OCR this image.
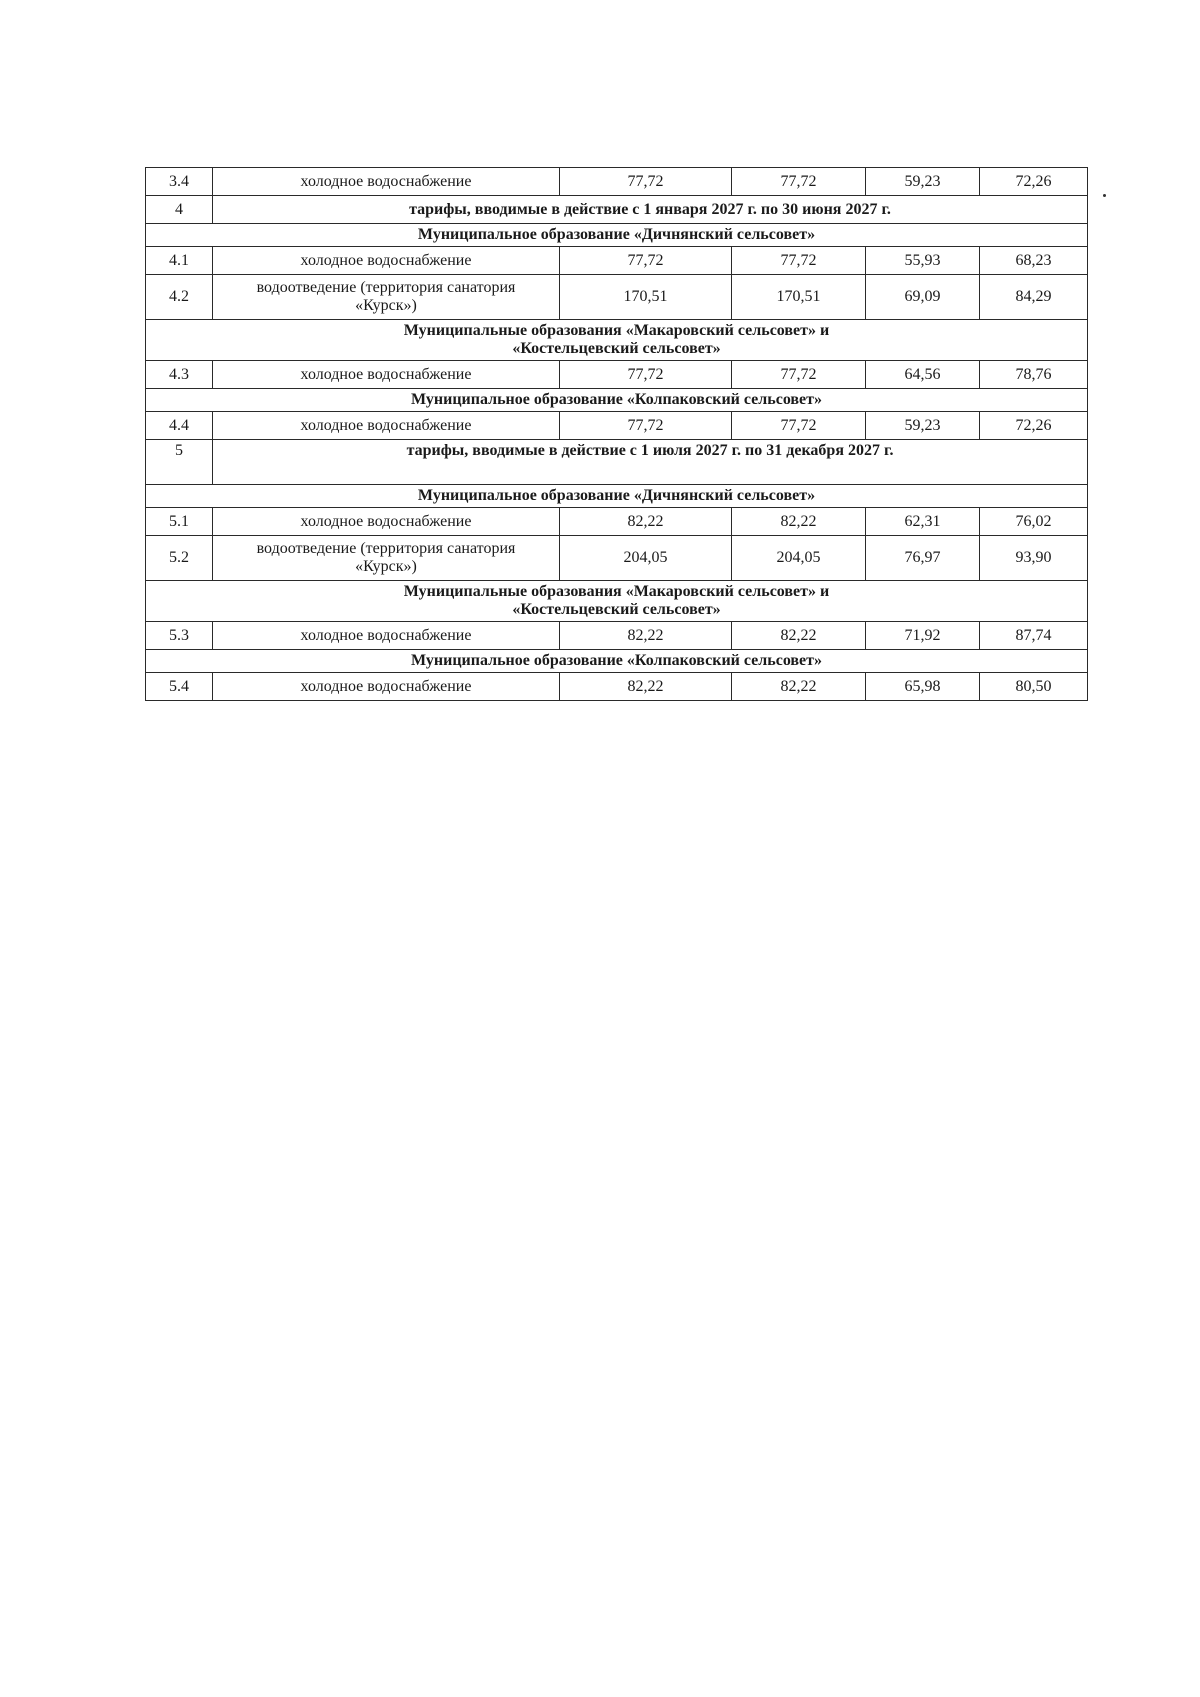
3.4	холодное водоснабжение	77,72	77,72	59,23	72,26
4	тарифы, вводимые в действие с 1 января 2027 г. по 30 июня 2027 г.				
Муниципальное образование «Дичнянский сельсовет»					
4.1	холодное водоснабжение	77,72	77,72	55,93	68,23
4.2	водоотведение (территория санатория
«Курск»)	170,51	170,51	69,09	84,29

Муниципальные образования «Макаровский сельсовет» и
«Костельцевский сельсовет»					

4.3	холодное водоснабжение	77,72	77,72	64,56	78,76
Муниципальное образование «Колпаковский сельсовет»					
4.4	холодное водоснабжение	77,72	77,72	59,23	72,26
5	тарифы, вводимые в действие с 1 июля 2027 г. по 31 декабря 2027 г.				
Муниципальное образование «Дичнянский сельсовет»					
5.1	холодное водоснабжение	82,22	82,22	62,31	76,02
5.2	водоотведение (территория санатория
«Курск»)	204,05	204,05	76,97	93,90

Муниципальные образования «Макаровский сельсовет» и
«Костельцевский сельсовет»					

5.3	холодное водоснабжение	82,22	82,22	71,92	87,74
Муниципальное образование «Колпаковский сельсовет»					
5.4	холодное водоснабжение	82,22	82,22	65,98	80,50
